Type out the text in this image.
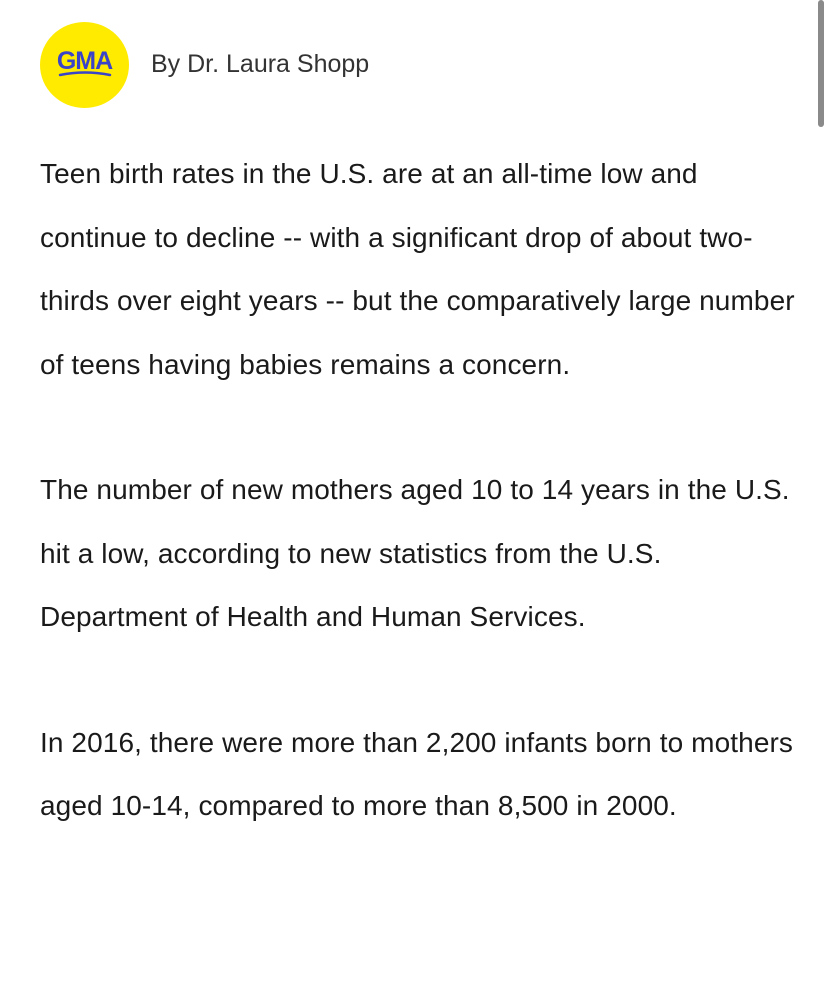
GMA By Dr. Laura Shopp

Teen birth rates in the U.S. are at an all-time low and continue to decline -- with a significant drop of about two-thirds over eight years -- but the comparatively large number of teens having babies remains a concern.

The number of new mothers aged 10 to 14 years in the U.S. hit a low, according to new statistics from the U.S. Department of Health and Human Services.

In 2016, there were more than 2,200 infants born to mothers aged 10-14, compared to more than 8,500 in 2000.
